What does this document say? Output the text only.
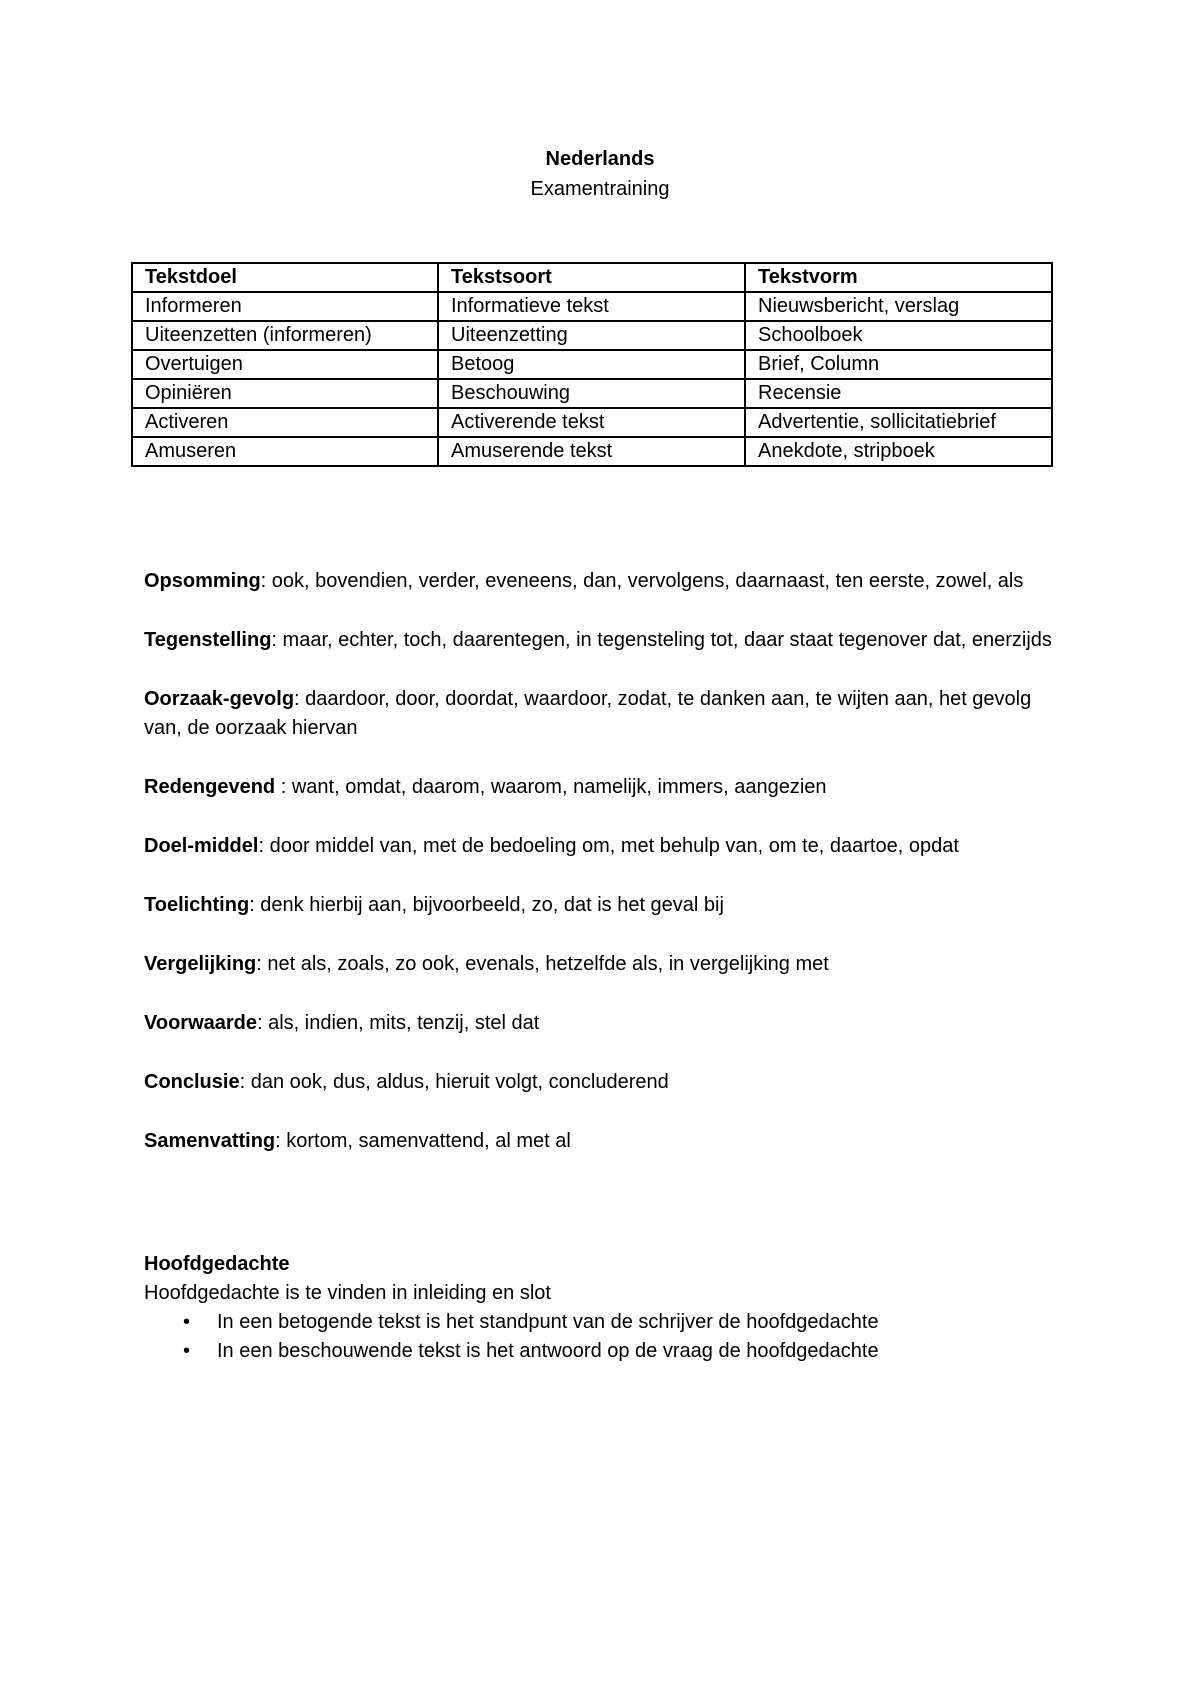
Nederlands
Examentraining
Tekstdoel	Tekstsoort	Tekstvorm
Informeren	Informatieve tekst	Nieuwsbericht, verslag
Uiteenzetten (informeren)	Uiteenzetting	Schoolboek
Overtuigen	Betoog	Brief, Column
Opiniëren	Beschouwing	Recensie
Activeren	Activerende tekst	Advertentie, sollicitatiebrief
Amuseren	Amuserende tekst	Anekdote, stripboek

Opsomming: ook, bovendien, verder, eveneens, dan, vervolgens, daarnaast, ten eerste, zowel, als

Tegenstelling: maar, echter, toch, daarentegen, in tegensteling tot, daar staat tegenover dat, enerzijds

Oorzaak-gevolg: daardoor, door, doordat, waardoor, zodat, te danken aan, te wijten aan, het gevolg van, de oorzaak hiervan

Redengevend : want, omdat, daarom, waarom, namelijk, immers, aangezien

Doel-middel: door middel van, met de bedoeling om, met behulp van, om te, daartoe, opdat

Toelichting: denk hierbij aan, bijvoorbeeld, zo, dat is het geval bij

Vergelijking: net als, zoals, zo ook, evenals, hetzelfde als, in vergelijking met

Voorwaarde: als, indien, mits, tenzij, stel dat

Conclusie: dan ook, dus, aldus, hieruit volgt, concluderend

Samenvatting: kortom, samenvattend, al met al

Hoofdgedachte
Hoofdgedachte is te vinden in inleiding en slot
• In een betogende tekst is het standpunt van de schrijver de hoofdgedachte
• In een beschouwende tekst is het antwoord op de vraag de hoofdgedachte
